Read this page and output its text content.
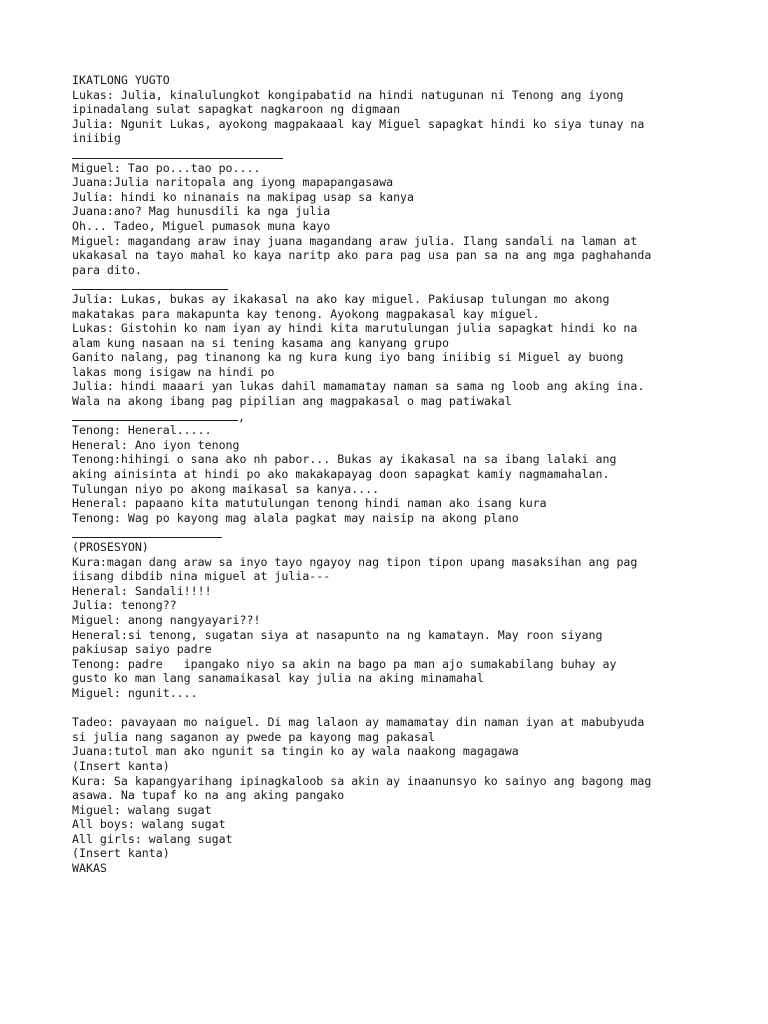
IKATLONG YUGTO
Lukas: Julia, kinalulungkot kongipabatid na hindi natugunan ni Tenong ang iyong
ipinadalang sulat sapagkat nagkaroon ng digmaan
Julia: Ngunit Lukas, ayokong magpakaaal kay Miguel sapagkat hindi ko siya tunay na
iniibig
Miguel: Tao po...tao po....
Juana:Julia naritopala ang iyong mapapangasawa
Julia: hindi ko ninanais na makipag usap sa kanya
Juana:ano? Mag hunusdili ka nga julia
Oh... Tadeo, Miguel pumasok muna kayo
Miguel: magandang araw inay juana magandang araw julia. Ilang sandali na laman at
ukakasal na tayo mahal ko kaya naritp ako para pag usa pan sa na ang mga paghahanda
para dito.
Julia: Lukas, bukas ay ikakasal na ako kay miguel. Pakiusap tulungan mo akong
makatakas para makapunta kay tenong. Ayokong magpakasal kay miguel.
Lukas: Gistohin ko nam iyan ay hindi kita marutulungan julia sapagkat hindi ko na
alam kung nasaan na si tening kasama ang kanyang grupo
Ganito nalang, pag tinanong ka ng kura kung iyo bang iniibig si Miguel ay buong
lakas mong isigaw na hindi po
Julia: hindi maaari yan lukas dahil mamamatay naman sa sama ng loob ang aking ina.
Wala na akong ibang pag pipilian ang magpakasal o mag patiwakal
,
Tenong: Heneral.....
Heneral: Ano iyon tenong
Tenong:hihingi o sana ako nh pabor... Bukas ay ikakasal na sa ibang lalaki ang
aking ainisinta at hindi po ako makakapayag doon sapagkat kamiy nagmamahalan.
Tulungan niyo po akong maikasal sa kanya....
Heneral: papaano kita matutulungan tenong hindi naman ako isang kura
Tenong: Wag po kayong mag alala pagkat may naisip na akong plano
(PROSESYON)
Kura:magan dang araw sa inyo tayo ngayoy nag tipon tipon upang masaksihan ang pag
iisang dibdib nina miguel at julia---
Heneral: Sandali!!!!
Julia: tenong??
Miguel: anong nangyayari??!
Heneral:si tenong, sugatan siya at nasapunto na ng kamatayn. May roon siyang
pakiusap saiyo padre
Tenong: padre   ipangako niyo sa akin na bago pa man ajo sumakabilang buhay ay
gusto ko man lang sanamaikasal kay julia na aking minamahal
Miguel: ngunit....
Tadeo: pavayaan mo naiguel. Di mag lalaon ay mamamatay din naman iyan at mabubyuda
si julia nang saganon ay pwede pa kayong mag pakasal
Juana:tutol man ako ngunit sa tingin ko ay wala naakong magagawa
(Insert kanta)
Kura: Sa kapangyarihang ipinagkaloob sa akin ay inaanunsyo ko sainyo ang bagong mag
asawa. Na tupaf ko na ang aking pangako
Miguel: walang sugat
All boys: walang sugat
All girls: walang sugat
(Insert kanta)
WAKAS
